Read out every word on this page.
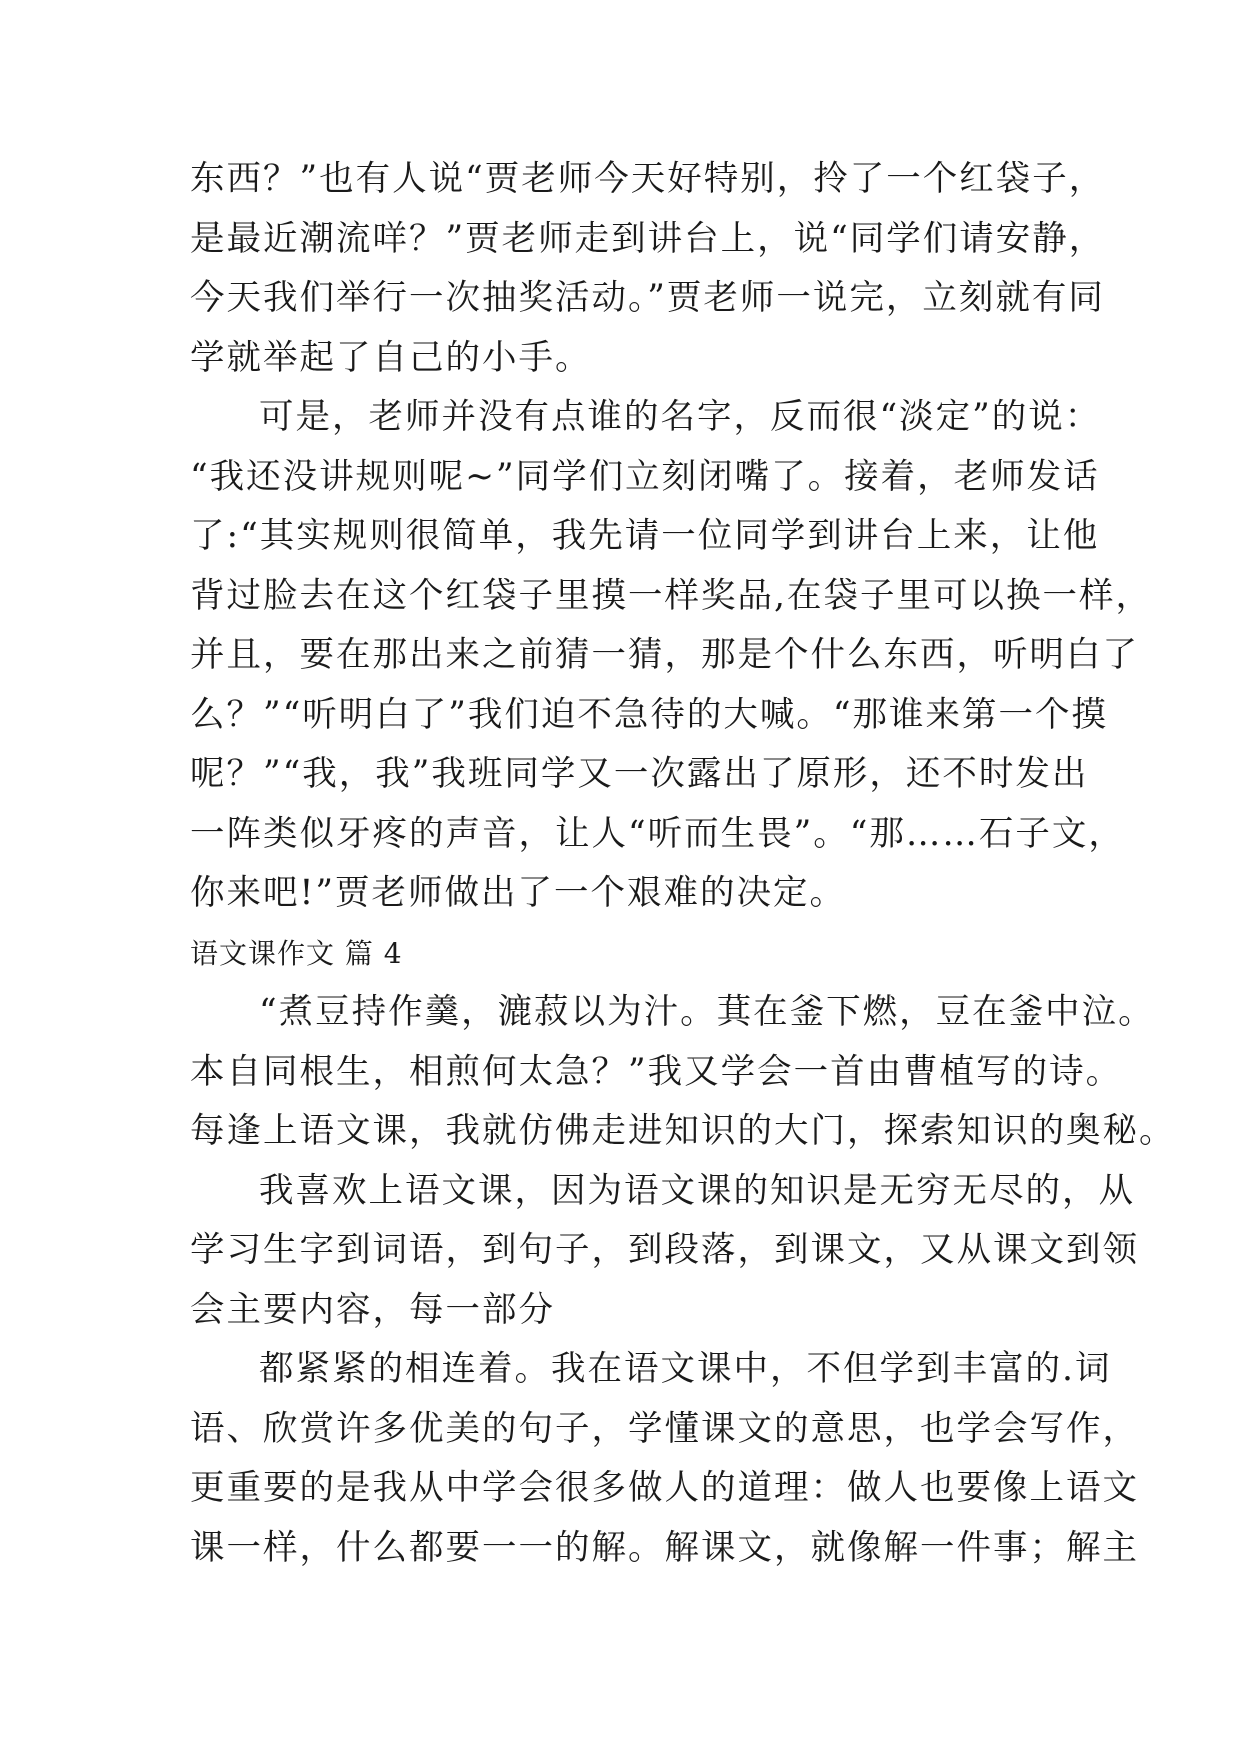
东西？”也有人说“贾老师今天好特别，拎了一个红袋子，
是最近潮流咩？”贾老师走到讲台上，说“同学们请安静，
今天我们举行一次抽奖活动。”贾老师一说完，立刻就有同
学就举起了自己的小手。
可是，老师并没有点谁的名字，反而很“淡定”的说：
“我还没讲规则呢~”同学们立刻闭嘴了。接着，老师发话
了:“其实规则很简单，我先请一位同学到讲台上来，让他
背过脸去在这个红袋子里摸一样奖品,在袋子里可以换一样，
并且，要在那出来之前猜一猜，那是个什么东西，听明白了
么？”“听明白了”我们迫不急待的大喊。“那谁来第一个摸
呢？”“我，我”我班同学又一次露出了原形，还不时发出
一阵类似牙疼的声音，让人“听而生畏”。“那……石子文，
你来吧!”贾老师做出了一个艰难的决定。
语文课作文 篇 4
“煮豆持作羹，漉菽以为汁。萁在釜下燃，豆在釜中泣。
本自同根生，相煎何太急？”我又学会一首由曹植写的诗。
每逢上语文课，我就仿佛走进知识的大门，探索知识的奥秘。
我喜欢上语文课，因为语文课的知识是无穷无尽的，从
学习生字到词语，到句子，到段落，到课文，又从课文到领
会主要内容，每一部分
都紧紧的相连着。我在语文课中，不但学到丰富的.词
语、欣赏许多优美的句子，学懂课文的意思，也学会写作，
更重要的是我从中学会很多做人的道理：做人也要像上语文
课一样，什么都要一一的解。解课文，就像解一件事；解主
